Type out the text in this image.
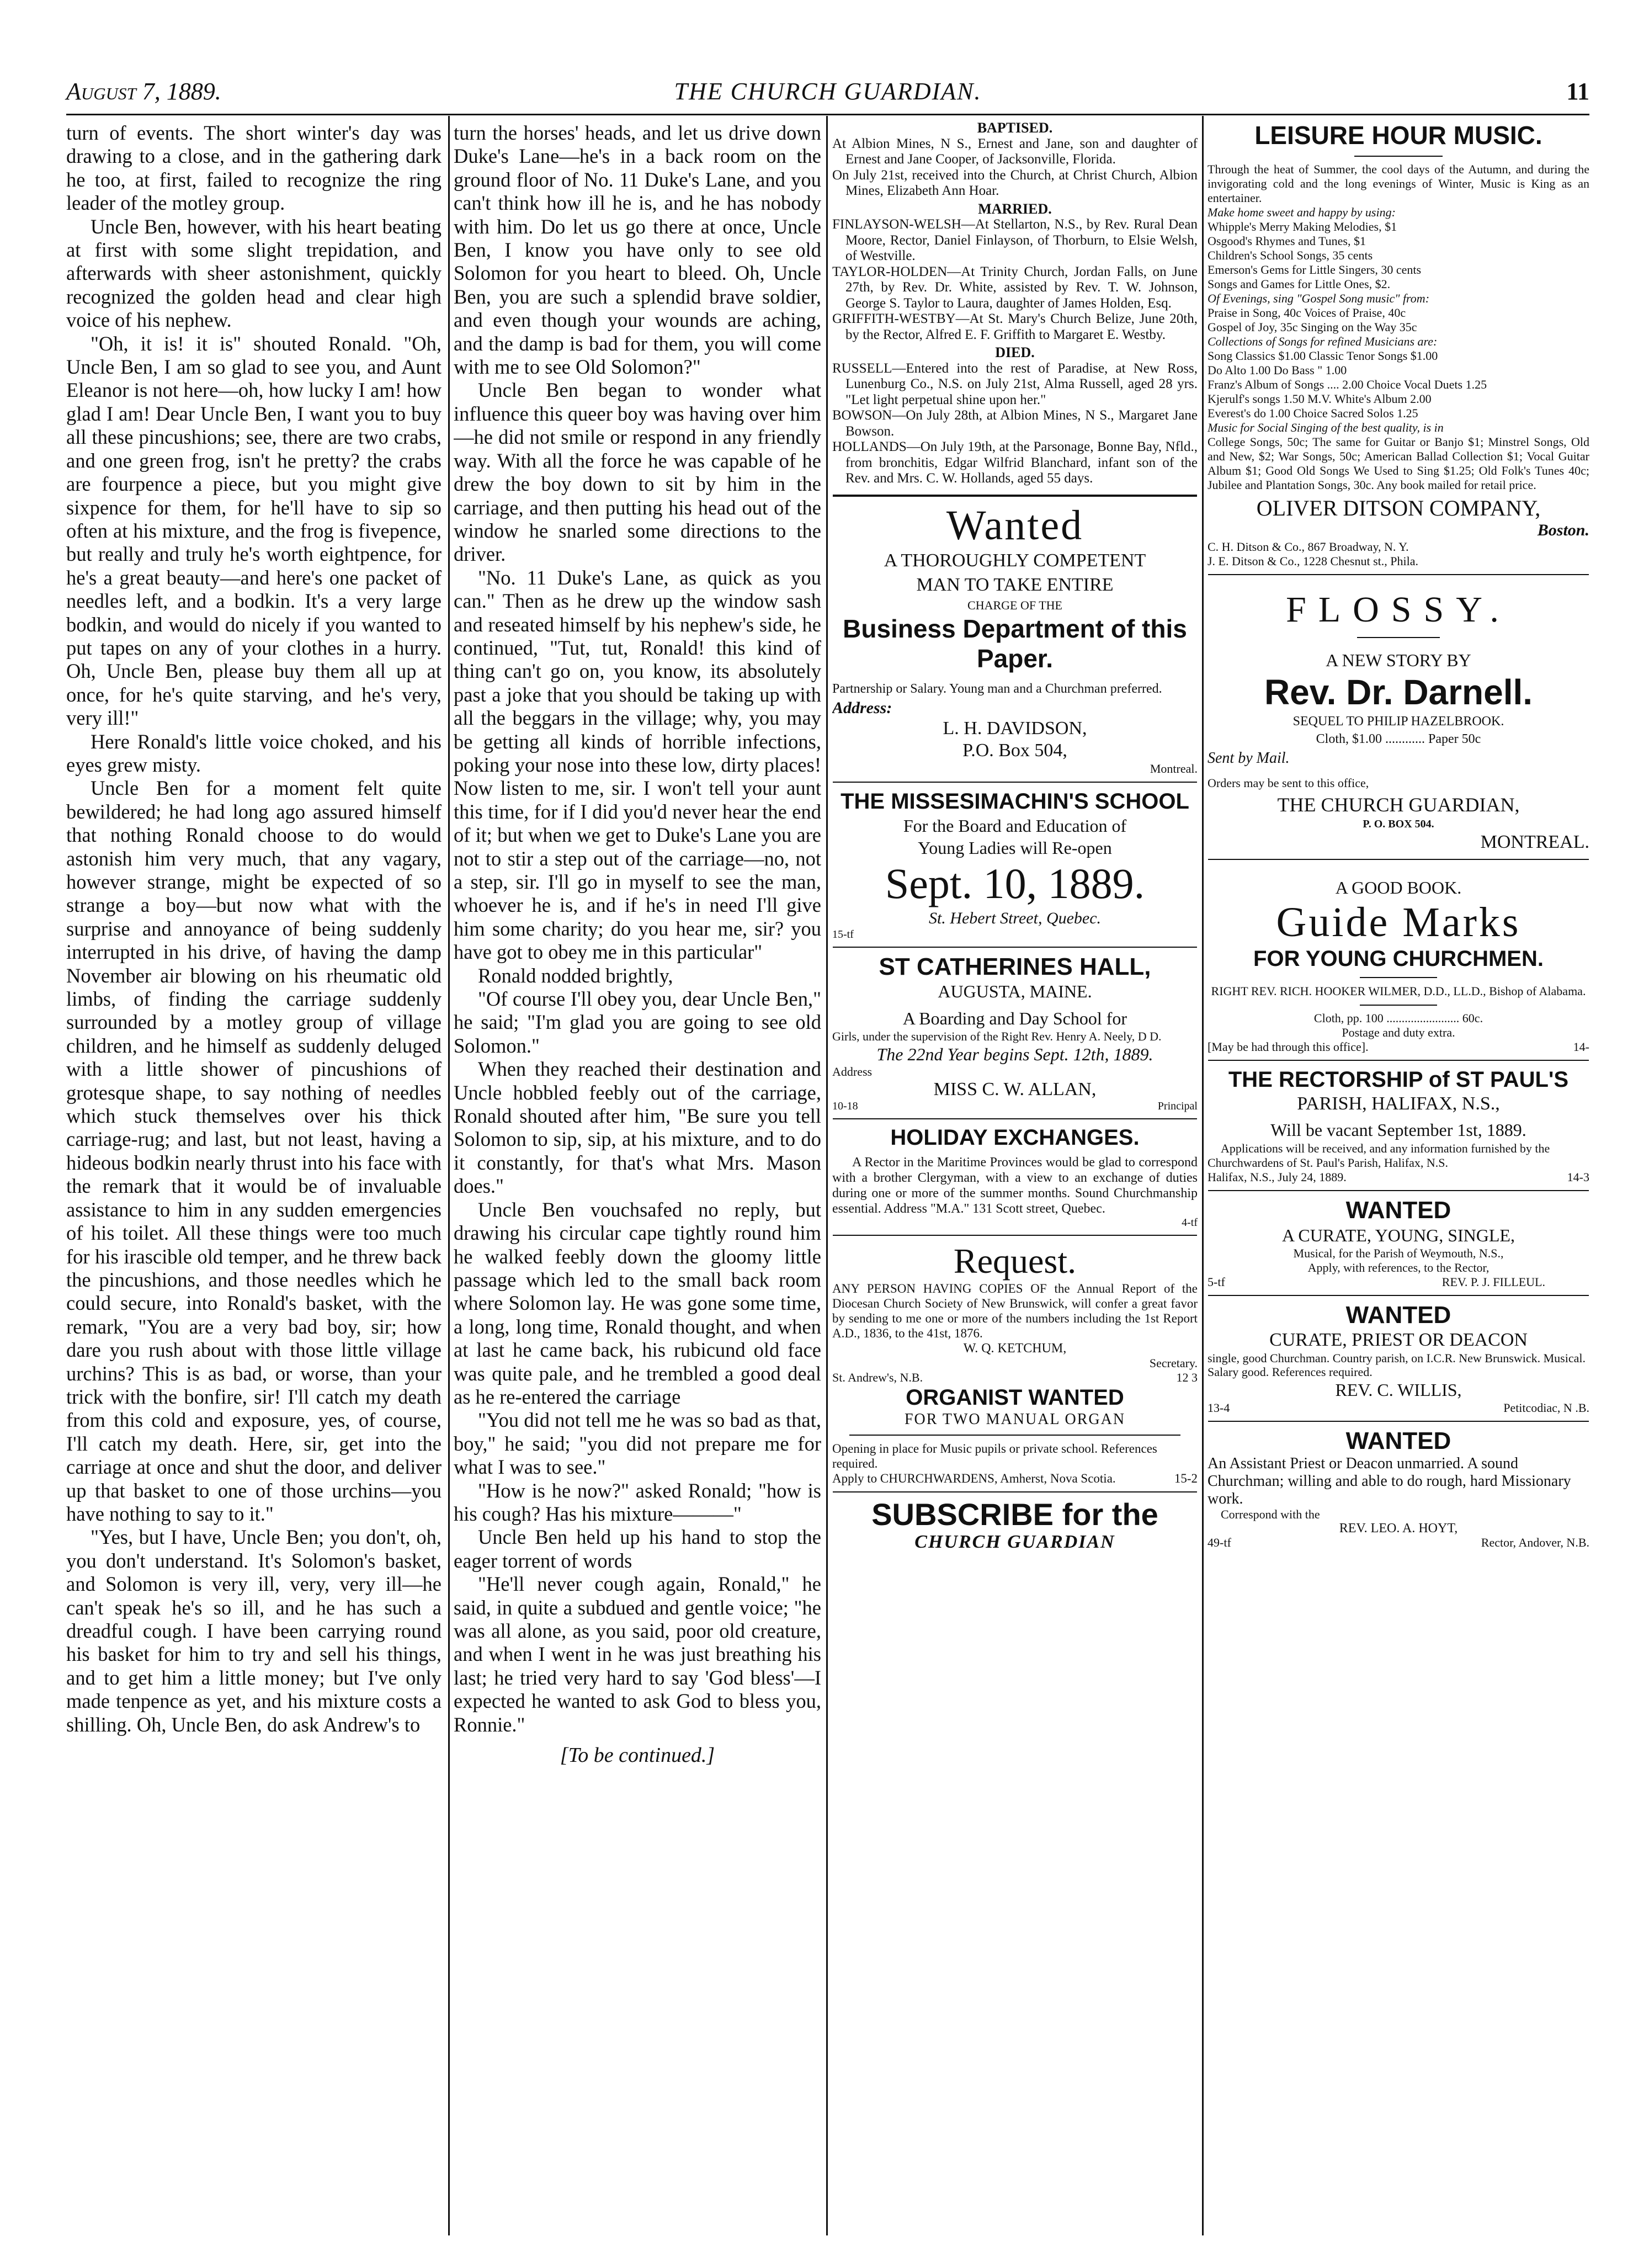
August 7, 1889.	THE CHURCH GUARDIAN.	11

turn of events. The short winter's day was drawing to a close, and in the gathering dark he too, at first, failed to recognize the ring leader of the motley group.

Uncle Ben, however, with his heart beating at first with some slight trepidation, and afterwards with sheer astonishment, quickly recognized the golden head and clear high voice of his nephew.

"Oh, it is! it is" shouted Ronald. "Oh, Uncle Ben, I am so glad to see you, and Aunt Eleanor is not here—oh, how lucky I am! how glad I am! Dear Uncle Ben, I want you to buy all these pincushions; see, there are two crabs, and one green frog, isn't he pretty? the crabs are fourpence a piece, but you might give sixpence for them, for he'll have to sip so often at his mixture, and the frog is fivepence, but really and truly he's worth eightpence, for he's a great beauty—and here's one packet of needles left, and a bodkin. It's a very large bodkin, and would do nicely if you wanted to put tapes on any of your clothes in a hurry. Oh, Uncle Ben, please buy them all up at once, for he's quite starving, and he's very, very ill!"

Here Ronald's little voice choked, and his eyes grew misty.

Uncle Ben for a moment felt quite bewildered; he had long ago assured himself that nothing Ronald choose to do would astonish him very much, that any vagary, however strange, might be expected of so strange a boy—but now what with the surprise and annoyance of being suddenly interrupted in his drive, of having the damp November air blowing on his rheumatic old limbs, of finding the carriage suddenly surrounded by a motley group of village children, and he himself as suddenly deluged with a little shower of pincushions of grotesque shape, to say nothing of needles which stuck themselves over his thick carriage-rug; and last, but not least, having a hideous bodkin nearly thrust into his face with the remark that it would be of invaluable assistance to him in any sudden emergencies of his toilet. All these things were too much for his irascible old temper, and he threw back the pincushions, and those needles which he could secure, into Ronald's basket, with the remark, "You are a very bad boy, sir; how dare you rush about with those little village urchins? This is as bad, or worse, than your trick with the bonfire, sir! I'll catch my death from this cold and exposure, yes, of course, I'll catch my death. Here, sir, get into the carriage at once and shut the door, and deliver up that basket to one of those urchins—you have nothing to say to it."

"Yes, but I have, Uncle Ben; you don't, oh, you don't understand. It's Solomon's basket, and Solomon is very ill, very, very ill—he can't speak he's so ill, and he has such a dreadful cough. I have been carrying round his basket for him to try and sell his things, and to get him a little money; but I've only made tenpence as yet, and his mixture costs a shilling. Oh, Uncle Ben, do ask Andrew's to

turn the horses' heads, and let us drive down Duke's Lane—he's in a back room on the ground floor of No. 11 Duke's Lane, and you can't think how ill he is, and he has nobody with him. Do let us go there at once, Uncle Ben, I know you have only to see old Solomon for you heart to bleed. Oh, Uncle Ben, you are such a splendid brave soldier, and even though your wounds are aching, and the damp is bad for them, you will come with me to see Old Solomon?"

Uncle Ben began to wonder what influence this queer boy was having over him—he did not smile or respond in any friendly way. With all the force he was capable of he drew the boy down to sit by him in the carriage, and then putting his head out of the window he snarled some directions to the driver.

"No. 11 Duke's Lane, as quick as you can." Then as he drew up the window sash and reseated himself by his nephew's side, he continued, "Tut, tut, Ronald! this kind of thing can't go on, you know, its absolutely past a joke that you should be taking up with all the beggars in the village; why, you may be getting all kinds of horrible infections, poking your nose into these low, dirty places! Now listen to me, sir. I won't tell your aunt this time, for if I did you'd never hear the end of it; but when we get to Duke's Lane you are not to stir a step out of the carriage—no, not a step, sir. I'll go in myself to see the man, whoever he is, and if he's in need I'll give him some charity; do you hear me, sir? you have got to obey me in this particular"

Ronald nodded brightly,

"Of course I'll obey you, dear Uncle Ben," he said; "I'm glad you are going to see old Solomon."

When they reached their destination and Uncle hobbled feebly out of the carriage, Ronald shouted after him, "Be sure you tell Solomon to sip, sip, at his mixture, and to do it constantly, for that's what Mrs. Mason does."

Uncle Ben vouchsafed no reply, but drawing his circular cape tightly round him he walked feebly down the gloomy little passage which led to the small back room where Solomon lay. He was gone some time, a long, long time, Ronald thought, and when at last he came back, his rubicund old face was quite pale, and he trembled a good deal as he re-entered the carriage

"You did not tell me he was so bad as that, boy," he said; "you did not prepare me for what I was to see."

"How is he now?" asked Ronald; "how is his cough? Has his mixture———"

Uncle Ben held up his hand to stop the eager torrent of words

"He'll never cough again, Ronald," he said, in quite a subdued and gentle voice; "he was all alone, as you said, poor old creature, and when I went in he was just breathing his last; he tried very hard to say 'God bless'—I expected he wanted to ask God to bless you, Ronnie."

[To be continued.]
BAPTISED.

At Albion Mines, N S., Ernest and Jane, son and daughter of Ernest and Jane Cooper, of Jacksonville, Florida.

On July 21st, received into the Church, at Christ Church, Albion Mines, Elizabeth Ann Hoar.

MARRIED.

FINLAYSON-WELSH—At Stellarton, N.S., by Rev. Rural Dean Moore, Rector, Daniel Finlayson, of Thorburn, to Elsie Welsh, of Westville.

TAYLOR-HOLDEN—At Trinity Church, Jordan Falls, on June 27th, by Rev. Dr. White, assisted by Rev. T. W. Johnson, George S. Taylor to Laura, daughter of James Holden, Esq.

GRIFFITH-WESTBY—At St. Mary's Church Belize, June 20th, by the Rector, Alfred E. F. Griffith to Margaret E. Westby.

DIED.

RUSSELL—Entered into the rest of Paradise, at New Ross, Lunenburg Co., N.S. on July 21st, Alma Russell, aged 28 yrs. "Let light perpetual shine upon her."

BOWSON—On July 28th, at Albion Mines, N S., Margaret Jane Bowson.

HOLLANDS—On July 19th, at the Parsonage, Bonne Bay, Nfld., from bronchitis, Edgar Wilfrid Blanchard, infant son of the Rev. and Mrs. C. W. Hollands, aged 55 days.

Wanted
A THOROUGHLY COMPETENT
MAN TO TAKE ENTIRE
CHARGE OF THE
Business Department of this Paper.
Partnership or Salary. Young man and a Churchman preferred.
Address:
L. H. DAVIDSON,
P.O. Box 504,
Montreal.
THE MISSESIMACHIN'S SCHOOL
For the Board and Education of
Young Ladies will Re-open
Sept. 10, 1889.
St. Hebert Street, Quebec.
15-tf
ST CATHERINES HALL,
AUGUSTA, MAINE.
A Boarding and Day School for
Girls, under the supervision of the Right Rev. Henry A. Neely, D D.
The 22nd Year begins Sept. 12th, 1889.
Address
MISS C. W. ALLAN,
10-18	Principal
HOLIDAY EXCHANGES.
A Rector in the Maritime Provinces would be glad to correspond with a brother Clergyman, with a view to an exchange of duties during one or more of the summer months. Sound Churchmanship essential. Address "M.A." 131 Scott street, Quebec.
4-tf
Request.
ANY PERSON HAVING COPIES OF the Annual Report of the Diocesan Church Society of New Brunswick, will confer a great favor by sending to me one or more of the numbers including the 1st Report A.D., 1836, to the 41st, 1876.
W. Q. KETCHUM,
Secretary.
St. Andrew's, N.B.	12 3
ORGANIST WANTED
FOR TWO MANUAL ORGAN
Opening in place for Music pupils or private school. References required.
Apply to CHURCHWARDENS, Amherst, Nova Scotia.	15-2
SUBSCRIBE for the
CHURCH GUARDIAN
LEISURE HOUR MUSIC.
Through the heat of Summer, the cool days of the Autumn, and during the invigorating cold and the long evenings of Winter, Music is King as an entertainer.
Make home sweet and happy by using:
Whipple's Merry Making Melodies, $1
Osgood's Rhymes and Tunes, $1
Children's School Songs, 35 cents
Emerson's Gems for Little Singers, 30 cents
Songs and Games for Little Ones, $2.
Of Evenings, sing "Gospel Song music" from:
Praise in Song, 40c Voices of Praise, 40c
Gospel of Joy, 35c Singing on the Way 35c
Collections of Songs for refined Musicians are:
Song Classics $1.00 Classic Tenor Songs $1.00
Do Alto 1.00 Do Bass " 1.00
Franz's Album of Songs .... 2.00 Choice Vocal Duets 1.25
Kjerulf's songs 1.50 M.V. White's Album 2.00
Everest's do 1.00 Choice Sacred Solos 1.25
Music for Social Singing of the best quality, is in
College Songs, 50c; The same for Guitar or Banjo $1; Minstrel Songs, Old and New, $2; War Songs, 50c; American Ballad Collection $1; Vocal Guitar Album $1; Good Old Songs We Used to Sing $1.25; Old Folk's Tunes 40c; Jubilee and Plantation Songs, 30c. Any book mailed for retail price.
OLIVER DITSON COMPANY,
Boston.
C. H. Ditson & Co., 867 Broadway, N. Y.
J. E. Ditson & Co., 1228 Chesnut st., Phila.
FLOSSY.
A NEW STORY BY
Rev. Dr. Darnell.
SEQUEL TO PHILIP HAZELBROOK.
Cloth, $1.00 ............ Paper 50c
Sent by Mail.
Orders may be sent to this office,
THE CHURCH GUARDIAN,
P. O. BOX 504.
MONTREAL.
A GOOD BOOK.
Guide Marks
FOR YOUNG CHURCHMEN.
RIGHT REV. RICH. HOOKER WILMER, D.D., LL.D., Bishop of Alabama.
Cloth, pp. 100 ........................ 60c.
Postage and duty extra.
[May be had through this office].	14-
THE RECTORSHIP of ST PAUL'S
PARISH, HALIFAX, N.S.,
Will be vacant September 1st, 1889.
Applications will be received, and any information furnished by the Churchwardens of St. Paul's Parish, Halifax, N.S.
Halifax, N.S., July 24, 1889.	14-3
WANTED
A CURATE, YOUNG, SINGLE,
Musical, for the Parish of Weymouth, N.S.,
Apply, with references, to the Rector,
5-tf	REV. P. J. FILLEUL.
WANTED
CURATE, PRIEST OR DEACON
single, good Churchman. Country parish, on I.C.R. New Brunswick. Musical. Salary good. References required.
REV. C. WILLIS,
13-4	Petitcodiac, N .B.
WANTED
An Assistant Priest or Deacon unmarried. A sound Churchman; willing and able to do rough, hard Missionary work.
Correspond with the
REV. LEO. A. HOYT,
49-tf	Rector, Andover, N.B.
